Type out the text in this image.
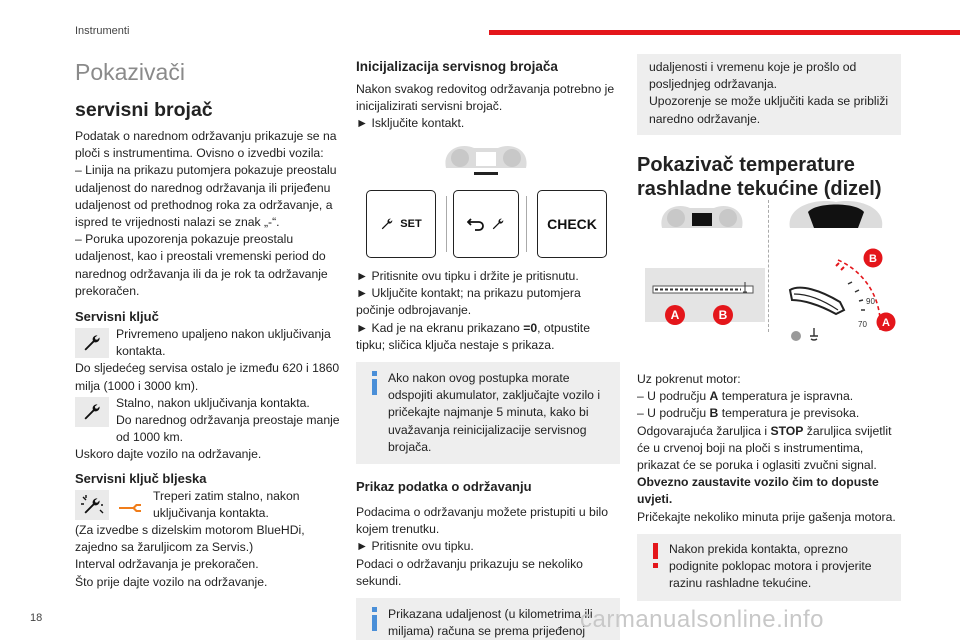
Instrumenti
Pokazivači
servisni brojač

Podatak o narednom održavanju prikazuje se na ploči s instrumentima. Ovisno o izvedbi vozila:

– Linija na prikazu putomjera pokazuje preostalu udaljenost do narednog održavanja ili prijeđenu udaljenost od prethodnog roka za održavanje, a ispred te vrijednosti nalazi se znak „-“.

– Poruka upozorenja pokazuje preostalu udaljenost, kao i preostali vremenski period do narednog održavanja ili da je rok ta održavanje prekoračen.

Servisni ključ

Privremeno upaljeno nakon uključivanja kontakta.

Do sljedećeg servisa ostalo je između 620 i 1860 milja (1000 i 3000 km).

Stalno, nakon uključivanja kontakta.

Do narednog održavanja preostaje manje od 1000 km.

Uskoro dajte vozilo na održavanje.

Servisni ključ bljeska

Treperi zatim stalno, nakon uključivanja kontakta.

(Za izvedbe s dizelskim motorom BlueHDi, zajedno sa žaruljicom za Servis.)

Interval održavanja je prekoračen.

Što prije dajte vozilo na održavanje.

Inicijalizacija servisnog brojača

Nakon svakog redovitog održavanja potrebno je inicijalizirati servisni brojač.

► Isključite kontakt.

SET	CHECK

► Pritisnite ovu tipku i držite je pritisnutu.

► Uključite kontakt; na prikazu putomjera počinje odbrojavanje.

► Kad je na ekranu prikazano =0, otpustite tipku; sličica ključa nestaje s prikaza.

Ako nakon ovog postupka morate odspojiti akumulator, zaključajte vozilo i pričekajte najmanje 5 minuta, kako bi uvažavanja reinicijalizacije servisnog brojača.
Prikaz podatka o održavanju

Podacima o održavanju možete pristupiti u bilo kojem trenutku.

► Pritisnite ovu tipku.

Podaci o održavanju prikazuju se nekoliko sekundi.

Prikazana udaljenost (u kilometrima ili miljama) računa se prema prijeđenoj

udaljenosti i vremenu koje je prošlo od posljednjeg održavanja.

Upozorenje se može uključiti kada se približi naredno održavanje.

Pokazivač temperature rashladne tekućine (dizel)
A	B
90
70 A
B

Uz pokrenut motor:

– U području A temperatura je ispravna.

– U području B temperatura je previsoka.

Odgovarajuća žaruljica i STOP žaruljica svijetlit će u crvenoj boji na ploči s instrumentima, prikazat će se poruka i oglasiti zvučni signal.

Obvezno zaustavite vozilo čim to dopuste uvjeti.

Pričekajte nekoliko minuta prije gašenja motora.

Nakon prekida kontakta, oprezno podignite poklopac motora i provjerite razinu rashladne tekućine.
18	carmanualsonline.info
